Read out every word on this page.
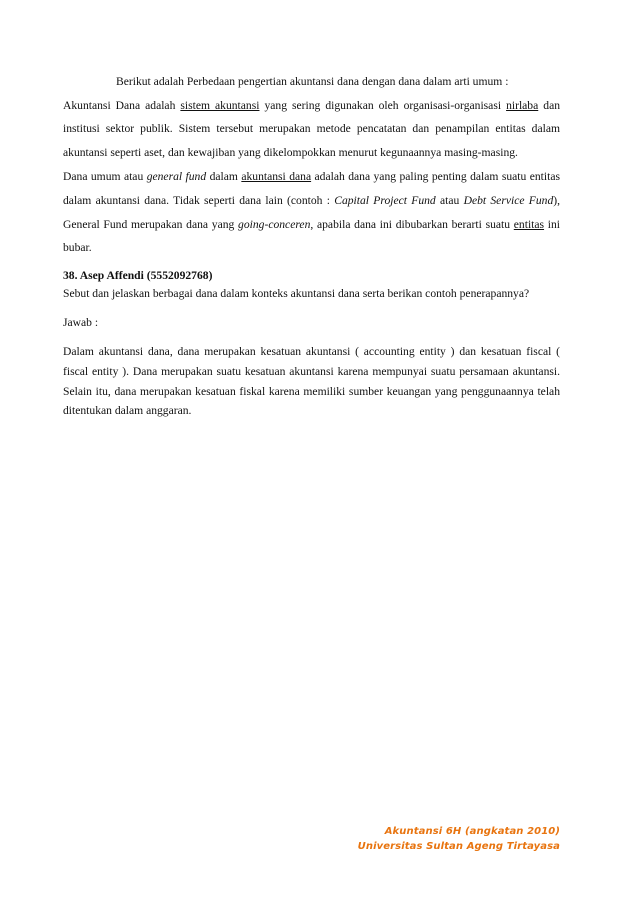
Berikut adalah Perbedaan pengertian akuntansi dana dengan dana dalam arti umum :

Akuntansi Dana adalah sistem akuntansi yang sering digunakan oleh organisasi-organisasi nirlaba dan institusi sektor publik. Sistem tersebut merupakan metode pencatatan dan penampilan entitas dalam akuntansi seperti aset, dan kewajiban yang dikelompokkan menurut kegunaannya masing-masing.

Dana umum atau general fund dalam akuntansi dana adalah dana yang paling penting dalam suatu entitas dalam akuntansi dana. Tidak seperti dana lain (contoh : Capital Project Fund atau Debt Service Fund), General Fund merupakan dana yang going-conceren, apabila dana ini dibubarkan berarti suatu entitas ini bubar.

38. Asep Affendi (5552092768)

Sebut dan jelaskan berbagai dana dalam konteks akuntansi dana serta berikan contoh penerapannya?

Jawab :

Dalam akuntansi dana, dana merupakan kesatuan akuntansi ( accounting entity ) dan kesatuan fiscal ( fiscal entity ). Dana merupakan suatu kesatuan akuntansi karena mempunyai suatu persamaan akuntansi. Selain itu, dana merupakan kesatuan fiskal karena memiliki sumber keuangan yang penggunaannya telah ditentukan dalam anggaran.

Akuntansi 6H (angkatan 2010)
Universitas Sultan Ageng Tirtayasa
